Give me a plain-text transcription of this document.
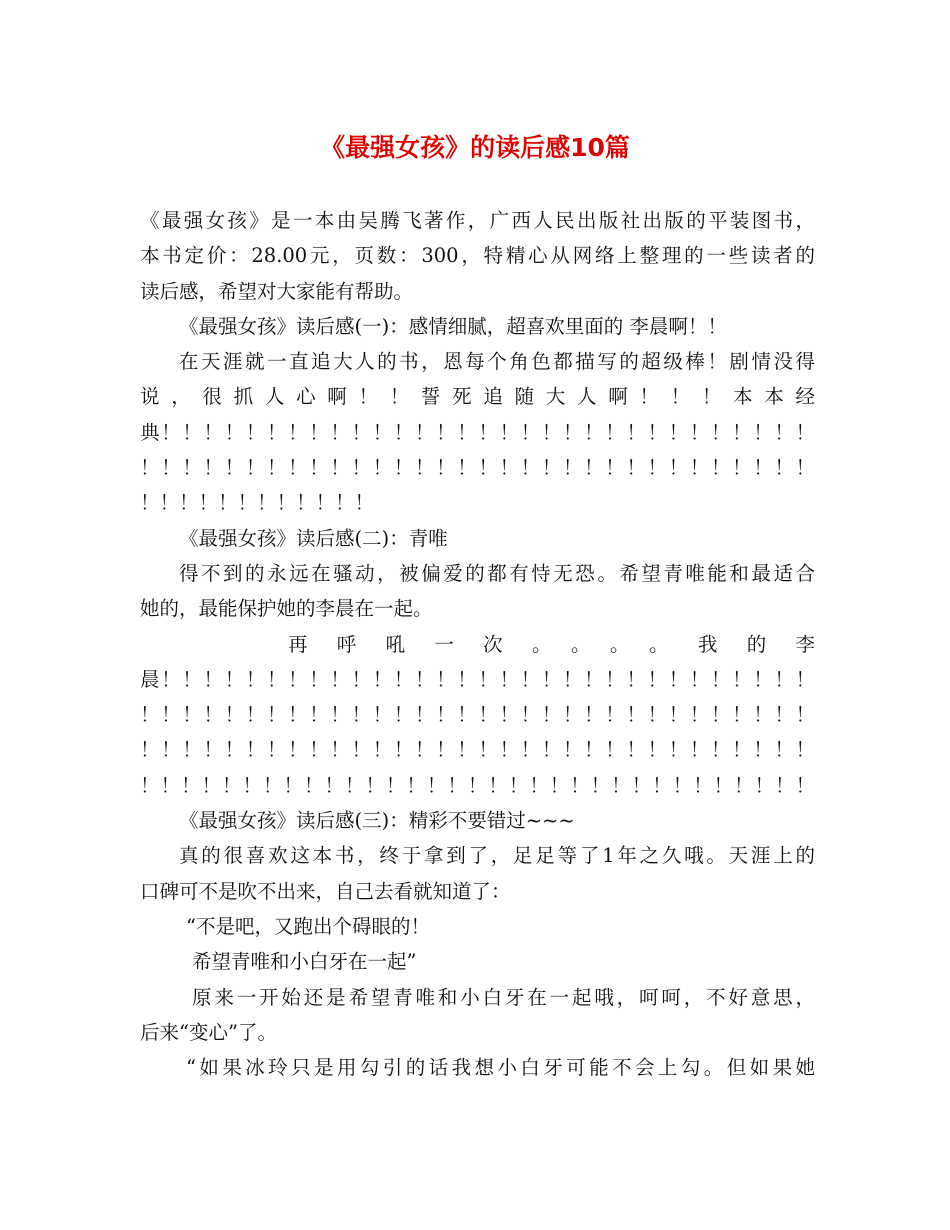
《最强女孩》的读后感10篇
《最强女孩》是一本由吴腾飞著作，广西人民出版社出版的平装图书，
本书定价：28.00元，页数：300，特精心从网络上整理的一些读者的
读后感，希望对大家能有帮助。
《最强女孩》读后感(一)：感情细腻，超喜欢里面的 李晨啊！！
在天涯就一直追大人的书，恩每个角色都描写的超级棒！剧情没得
说，很抓人心啊！！誓死追随大人啊！！！本本经
典！！！！！！！！！！！！！！！！！！！！！！！！！！！！！！！
！！！！！！！！！！！！！！！！！！！！！！！！！！！！！！！！
！！！！！！！！！！！！
《最强女孩》读后感(二)：青唯
得不到的永远在骚动，被偏爱的都有恃无恐。希望青唯能和最适合
她的，最能保护她的李晨在一起。
再呼吼一次。。。。我的李
晨！！！！！！！！！！！！！！！！！！！！！！！！！！！！！！！
！！！！！！！！！！！！！！！！！！！！！！！！！！！！！！！！
！！！！！！！！！！！！！！！！！！！！！！！！！！！！！！！！
！！！！！！！！！！！！！！！！！！！！！！！！！！！！！！！！！
《最强女孩》读后感(三)：精彩不要错过~~~
真的很喜欢这本书，终于拿到了，足足等了1年之久哦。天涯上的
口碑可不是吹不出来，自己去看就知道了：
“不是吧，又跑出个碍眼的！
希望青唯和小白牙在一起”
原来一开始还是希望青唯和小白牙在一起哦，呵呵，不好意思，
后来“变心”了。
“如果冰玲只是用勾引的话我想小白牙可能不会上勾。但如果她
